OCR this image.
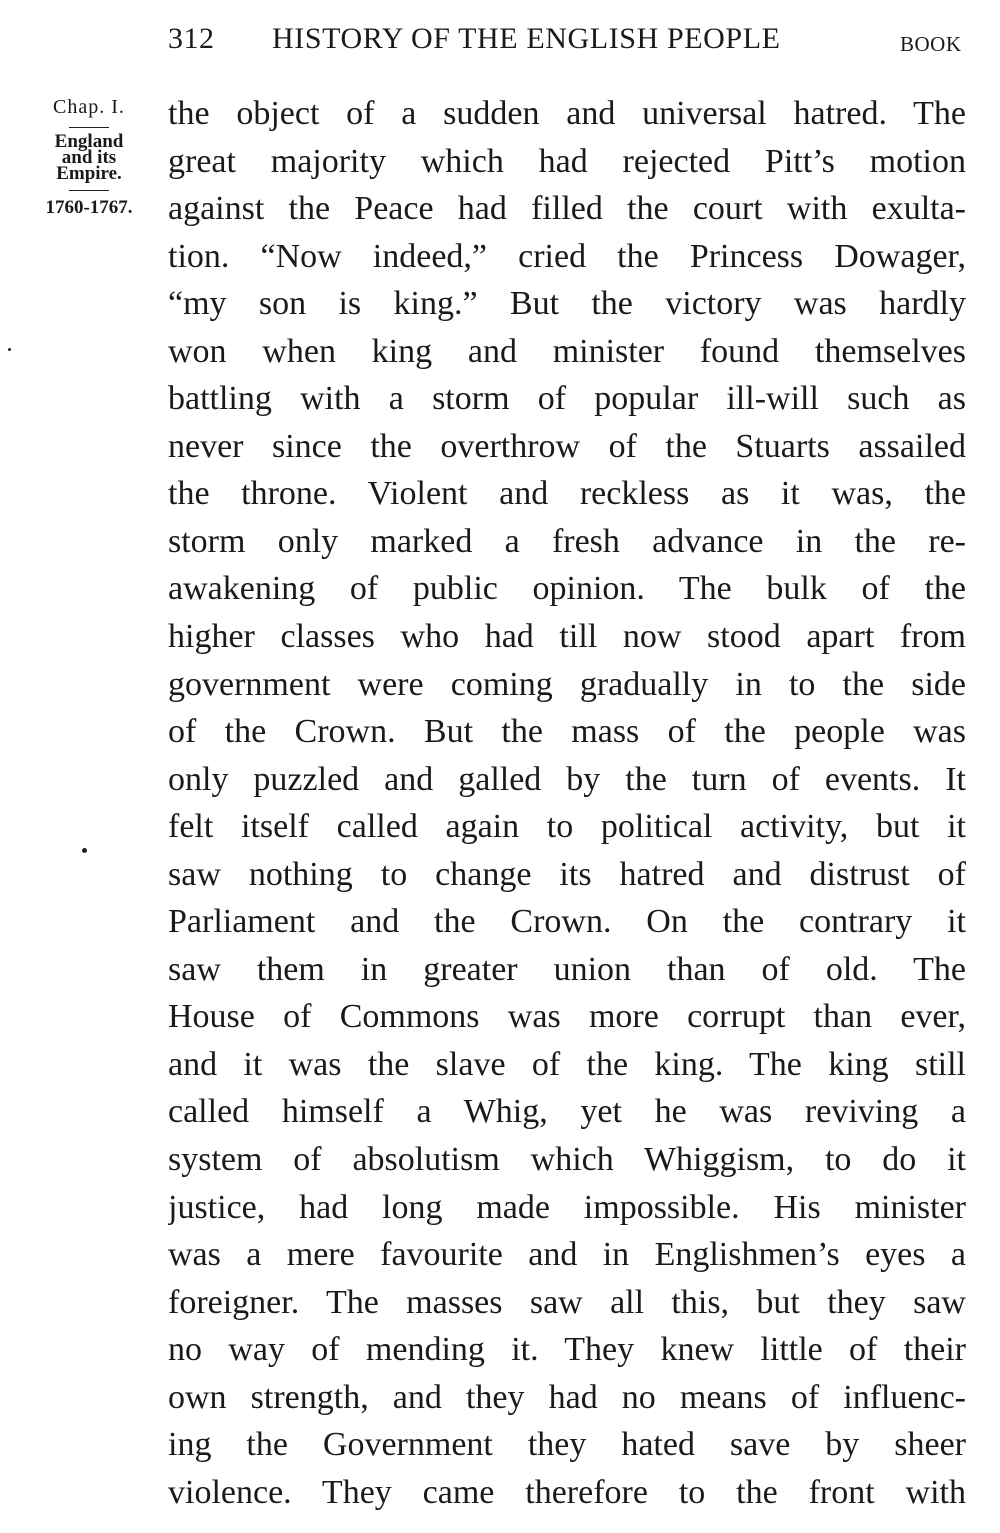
312 HISTORY OF THE ENGLISH PEOPLE	BOOK
Chap. I.
England
and its
Empire.
1760-1767.
the object of a sudden and universal hatred. The
great majority which had rejected Pitt’s motion
against the Peace had filled the court with exulta-
tion. “Now indeed,” cried the Princess Dowager,
“my son is king.” But the victory was hardly
won when king and minister found themselves
battling with a storm of popular ill-will such as
never since the overthrow of the Stuarts assailed
the throne. Violent and reckless as it was, the
storm only marked a fresh advance in the re-
awakening of public opinion. The bulk of the
higher classes who had till now stood apart from
government were coming gradually in to the side
of the Crown. But the mass of the people was
only puzzled and galled by the turn of events. It
felt itself called again to political activity, but it
saw nothing to change its hatred and distrust of
Parliament and the Crown. On the contrary it
saw them in greater union than of old. The
House of Commons was more corrupt than ever,
and it was the slave of the king. The king still
called himself a Whig, yet he was reviving a
system of absolutism which Whiggism, to do it
justice, had long made impossible. His minister
was a mere favourite and in Englishmen’s eyes a
foreigner. The masses saw all this, but they saw
no way of mending it. They knew little of their
own strength, and they had no means of influenc-
ing the Government they hated save by sheer
violence. They came therefore to the front with
